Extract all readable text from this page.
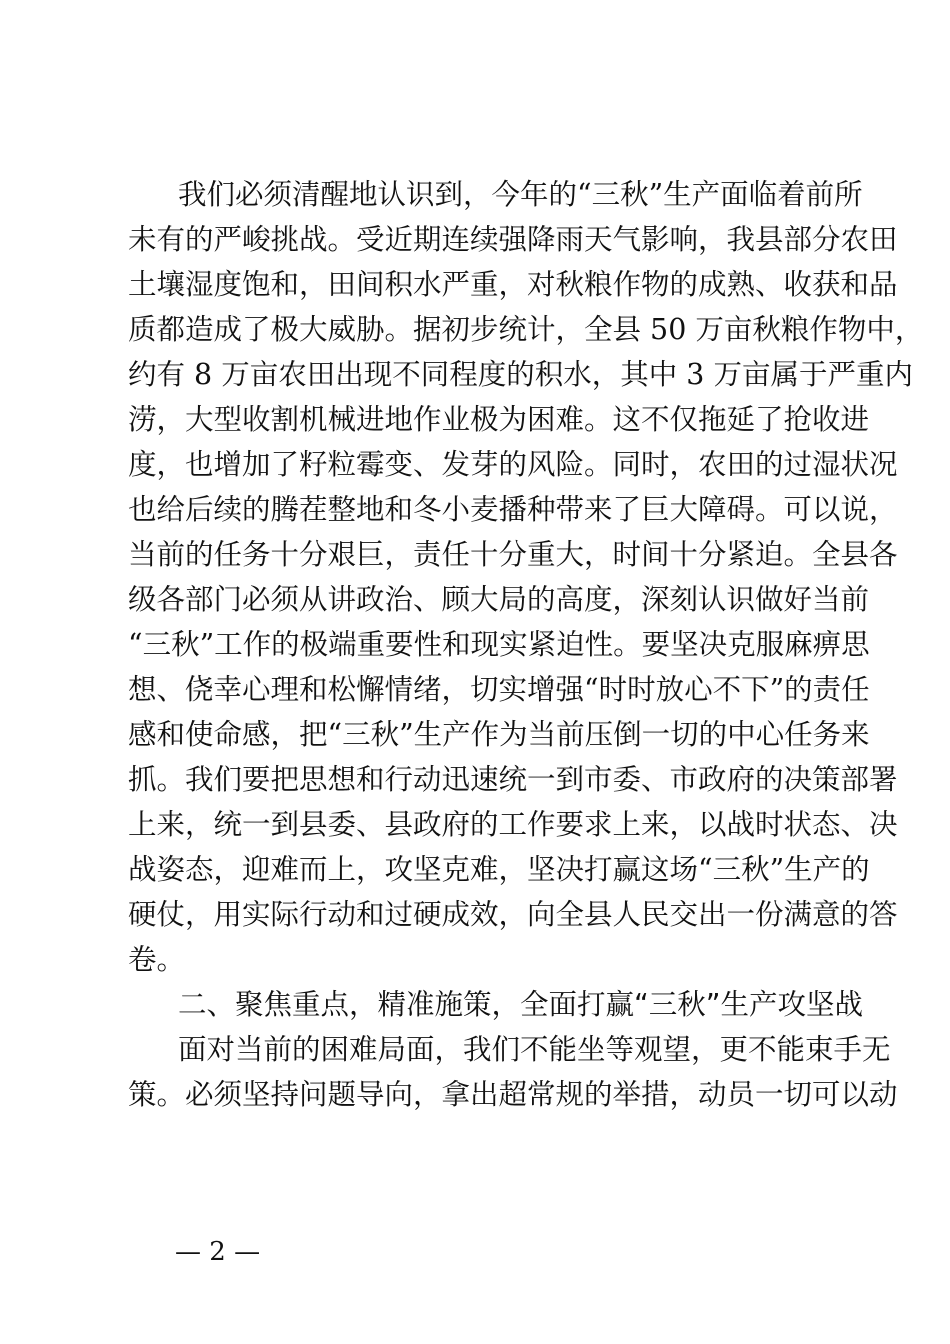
我们必须清醒地认识到，今年的“三秋”生产面临着前所
未有的严峻挑战。受近期连续强降雨天气影响，我县部分农田
土壤湿度饱和，田间积水严重，对秋粮作物的成熟、收获和品
质都造成了极大威胁。据初步统计，全县 50 万亩秋粮作物中，
约有 8 万亩农田出现不同程度的积水，其中 3 万亩属于严重内
涝，大型收割机械进地作业极为困难。这不仅拖延了抢收进
度，也增加了籽粒霉变、发芽的风险。同时，农田的过湿状况
也给后续的腾茬整地和冬小麦播种带来了巨大障碍。可以说，
当前的任务十分艰巨，责任十分重大，时间十分紧迫。全县各
级各部门必须从讲政治、顾大局的高度，深刻认识做好当前
“三秋”工作的极端重要性和现实紧迫性。要坚决克服麻痹思
想、侥幸心理和松懈情绪，切实增强“时时放心不下”的责任
感和使命感，把“三秋”生产作为当前压倒一切的中心任务来
抓。我们要把思想和行动迅速统一到市委、市政府的决策部署
上来，统一到县委、县政府的工作要求上来，以战时状态、决
战姿态，迎难而上，攻坚克难，坚决打赢这场“三秋”生产的
硬仗，用实际行动和过硬成效，向全县人民交出一份满意的答
卷。
二、聚焦重点，精准施策，全面打赢“三秋”生产攻坚战
面对当前的困难局面，我们不能坐等观望，更不能束手无
策。必须坚持问题导向，拿出超常规的举措，动员一切可以动
— 2 —
